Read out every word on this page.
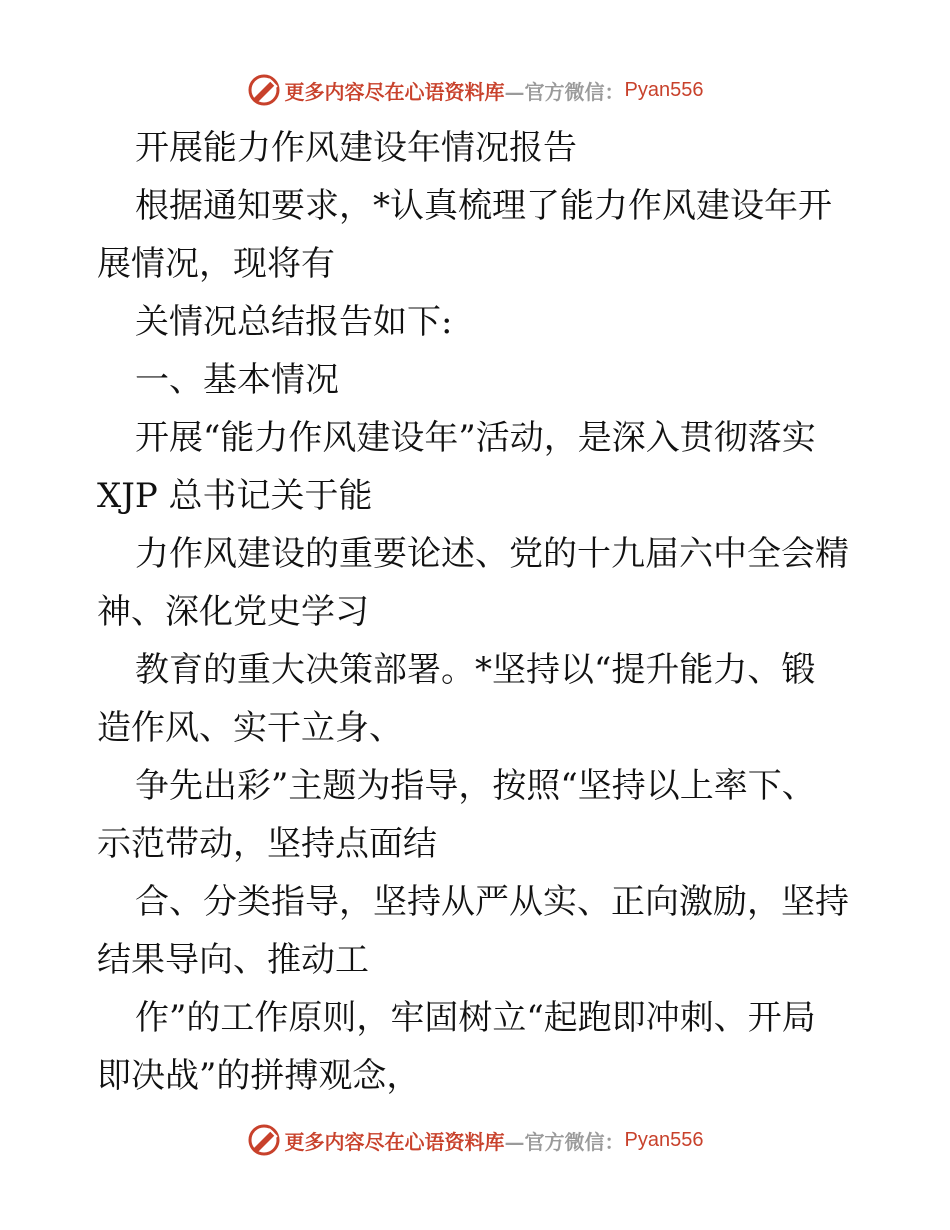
更多内容尽在心语资料库 —官方微信： Pyan556
开展能力作风建设年情况报告
根据通知要求，*认真梳理了能力作风建设年开
展情况，现将有
关情况总结报告如下:
一、基本情况
开展“能力作风建设年”活动，是深入贯彻落实
XJP 总书记关于能
力作风建设的重要论述、党的十九届六中全会精
神、深化党史学习
教育的重大决策部署。*坚持以“提升能力、锻
造作风、实干立身、
争先出彩”主题为指导，按照“坚持以上率下、
示范带动，坚持点面结
合、分类指导，坚持从严从实、正向激励，坚持
结果导向、推动工
作”的工作原则，牢固树立“起跑即冲刺、开局
即决战”的拼搏观念，
更多内容尽在心语资料库 —官方微信： Pyan556
